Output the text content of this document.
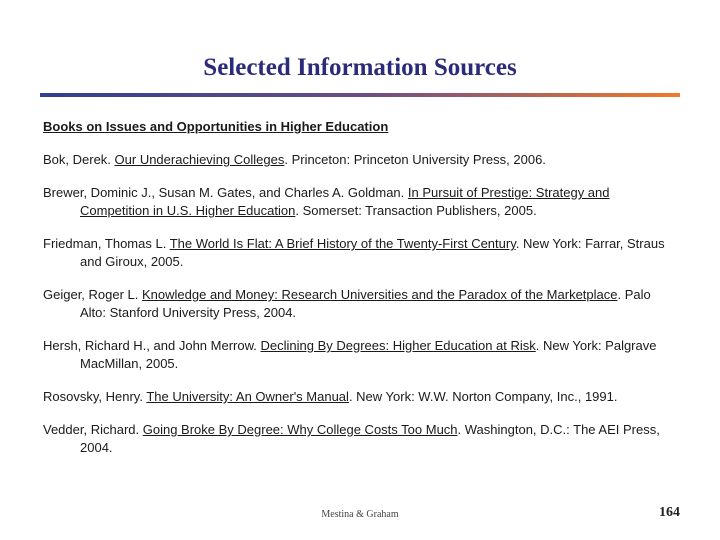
Selected Information Sources
Books on Issues and Opportunities in Higher Education

Bok, Derek. Our Underachieving Colleges. Princeton: Princeton University Press, 2006.

Brewer, Dominic J., Susan M. Gates, and Charles A. Goldman. In Pursuit of Prestige: Strategy and Competition in U.S. Higher Education. Somerset: Transaction Publishers, 2005.

Friedman, Thomas L. The World Is Flat: A Brief History of the Twenty-First Century. New York: Farrar, Straus and Giroux, 2005.

Geiger, Roger L. Knowledge and Money: Research Universities and the Paradox of the Marketplace. Palo Alto: Stanford University Press, 2004.

Hersh, Richard H., and John Merrow. Declining By Degrees: Higher Education at Risk. New York: Palgrave MacMillan, 2005.

Rosovsky, Henry. The University: An Owner's Manual. New York: W.W. Norton Company, Inc., 1991.

Vedder, Richard. Going Broke By Degree: Why College Costs Too Much. Washington, D.C.: The AEI Press, 2004.

Mestina & Graham	164
